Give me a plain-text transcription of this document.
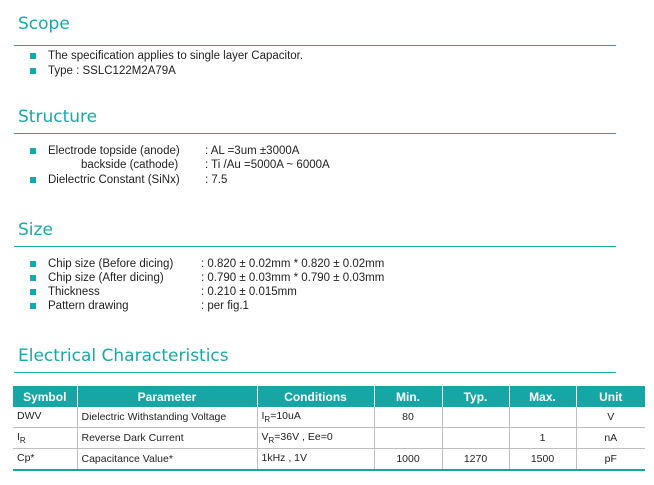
Scope
The specification applies to single layer Capacitor.
Type : SSLC122M2A79A
Structure
Electrode topside (anode) : AL =3um ±3000A
backside (cathode) : Ti /Au =5000A ~ 6000A
Dielectric Constant (SiNx) : 7.5
Size
Chip size (Before dicing) : 0.820 ± 0.02mm * 0.820 ± 0.02mm
Chip size (After dicing)	: 0.790 ± 0.03mm * 0.790 ± 0.03mm
Thickness	: 0.210 ± 0.015mm
Pattern drawing	: per fig.1
Electrical Characteristics
Symbol	Parameter	Conditions	Min.	Typ.	Max.	Unit
DWV	Dielectric Withstanding Voltage	$I_R=10uA$	80			V
$I_R$	Reverse Dark Current	$V_R=36V$ , Ee=0			1	nA
Cp*	Capacitance Value*	1kHz , 1V	1000	1270	1500	pF
